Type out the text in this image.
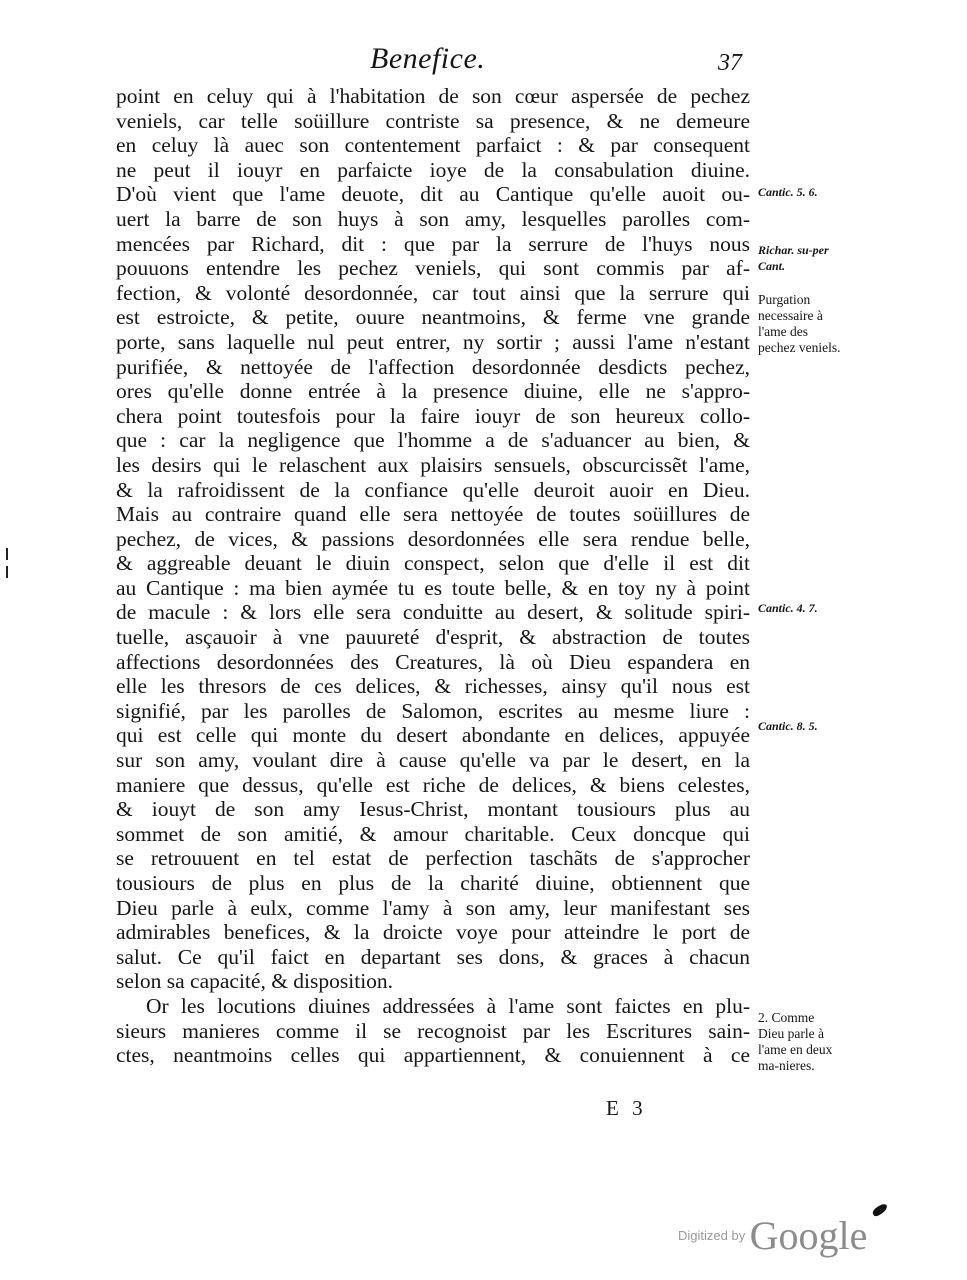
Benefice.	37
point en celuy qui à l'habitation de son cœur aspersée de pechez
veniels, car telle soüillure contriste sa presence, & ne demeure
en celuy là auec son contentement parfaict : & par consequent
ne peut il iouyr en parfaicte ioye de la consabulation diuine.
D'où vient que l'ame deuote, dit au Cantique qu'elle auoit ou-
uert la barre de son huys à son amy, lesquelles parolles com-
mencées par Richard, dit : que par la serrure de l'huys nous
pouuons entendre les pechez veniels, qui sont commis par af-
fection, & volonté desordonnée, car tout ainsi que la serrure qui
est estroicte, & petite, ouure neantmoins, & ferme vne grande
porte, sans laquelle nul peut entrer, ny sortir ; aussi l'ame n'estant
purifiée, & nettoyée de l'affection desordonnée desdicts pechez,
ores qu'elle donne entrée à la presence diuine, elle ne s'appro-
chera point toutesfois pour la faire iouyr de son heureux collo-
que : car la negligence que l'homme a de s'aduancer au bien, &
les desirs qui le relaschent aux plaisirs sensuels, obscurcissẽt l'ame,
& la rafroidissent de la confiance qu'elle deuroit auoir en Dieu.
Mais au contraire quand elle sera nettoyée de toutes soüillures de
pechez, de vices, & passions desordonnées elle sera rendue belle,
& aggreable deuant le diuin conspect, selon que d'elle il est dit
au Cantique : ma bien aymée tu es toute belle, & en toy ny à point
de macule : & lors elle sera conduitte au desert, & solitude spiri-
tuelle, asçauoir à vne pauureté d'esprit, & abstraction de toutes
affections desordonnées des Creatures, là où Dieu espandera en
elle les thresors de ces delices, & richesses, ainsy qu'il nous est
signifié, par les parolles de Salomon, escrites au mesme liure :
qui est celle qui monte du desert abondante en delices, appuyée
sur son amy, voulant dire à cause qu'elle va par le desert, en la
maniere que dessus, qu'elle est riche de delices, & biens celestes,
& iouyt de son amy Iesus-Christ, montant tousiours plus au
sommet de son amitié, & amour charitable. Ceux doncque qui
se retrouuent en tel estat de perfection taschãts de s'approcher
tousiours de plus en plus de la charité diuine, obtiennent que
Dieu parle à eulx, comme l'amy à son amy, leur manifestant ses
admirables benefices, & la droicte voye pour atteindre le port de
salut. Ce qu'il faict en departant ses dons, & graces à chacun
selon sa capacité, & disposition.
Or les locutions diuines addressées à l'ame sont faictes en plu-
sieurs manieres comme il se recognoist par les Escritures sain-
ctes, neantmoins celles qui appartiennent, & conuiennent à ce
Cantic. 5. 6.
Richar. su-per Cant.
Purgation necessaire à l'ame des pechez veniels.
Cantic. 4. 7.
Cantic. 8. 5.
2. Comme Dieu parle à l'ame en deux ma-nieres.
E 3
Digitized by Google
